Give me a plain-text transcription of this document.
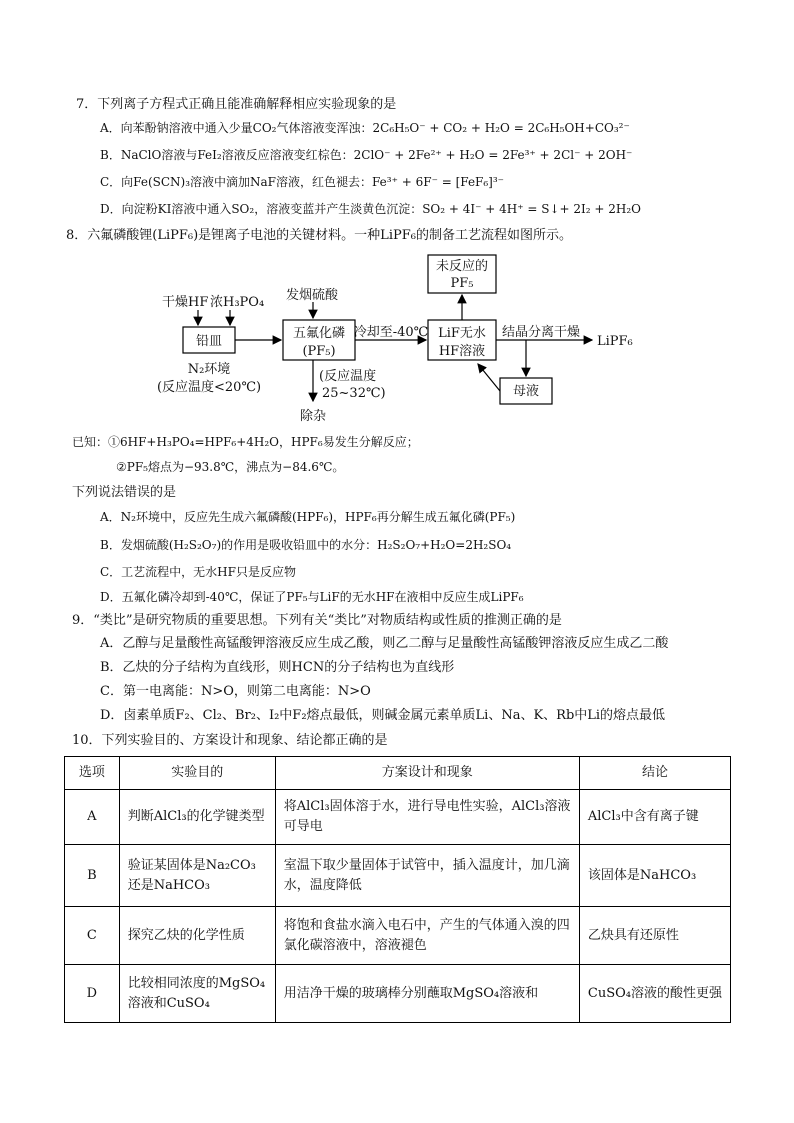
7．下列离子方程式正确且能准确解释相应实验现象的是
A．向苯酚钠溶液中通入少量CO₂气体溶液变浑浊：2C₆H₅O⁻ + CO₂ + H₂O = 2C₆H₅OH+CO₃²⁻
B．NaClO溶液与FeI₂溶液反应溶液变红棕色：2ClO⁻ + 2Fe²⁺ + H₂O = 2Fe³⁺ + 2Cl⁻ + 2OH⁻
C．向Fe(SCN)₃溶液中滴加NaF溶液，红色褪去：Fe³⁺ + 6F⁻ = [FeF₆]³⁻
D．向淀粉KI溶液中通入SO₂，溶液变蓝并产生淡黄色沉淀：SO₂ + 4I⁻ + 4H⁺ = S↓+ 2I₂ + 2H₂O
8．六氟磷酸锂(LiPF₆)是锂离子电池的关键材料。一种LiPF₆的制备工艺流程如图所示。
干燥HF 浓H₃PO₄
铅皿
N₂环境
(反应温度<20℃)
发烟硫酸
五氟化磷
(PF₅)
(反应温度
25~32℃)
除杂
冷却至-40℃ LiF无水
HF溶液
未反应的
PF₅
结晶分离干燥
LiPF₆
母液
已知：①6HF+H₃PO₄=HPF₆+4H₂O，HPF₆易发生分解反应；
②PF₅熔点为−93.8℃，沸点为−84.6℃。
下列说法错误的是
A．N₂环境中，反应先生成六氟磷酸(HPF₆)，HPF₆再分解生成五氟化磷(PF₅)
B．发烟硫酸(H₂S₂O₇)的作用是吸收铅皿中的水分：H₂S₂O₇+H₂O=2H₂SO₄
C．工艺流程中，无水HF只是反应物
D．五氟化磷冷却到-40℃，保证了PF₅与LiF的无水HF在液相中反应生成LiPF₆
9．“类比”是研究物质的重要思想。下列有关“类比”对物质结构或性质的推测正确的是
A．乙醇与足量酸性高锰酸钾溶液反应生成乙酸，则乙二醇与足量酸性高锰酸钾溶液反应生成乙二酸
B．乙炔的分子结构为直线形，则HCN的分子结构也为直线形
C．第一电离能：N>O，则第二电离能：N>O
D．卤素单质F₂、Cl₂、Br₂、I₂中F₂熔点最低，则碱金属元素单质Li、Na、K、Rb中Li的熔点最低
10．下列实验目的、方案设计和现象、结论都正确的是
选项	实验目的	方案设计和现象	结论
A	判断AlCl₃的化学键类型	将AlCl₃固体溶于水，进行导电性实验，AlCl₃溶液可导电	AlCl₃中含有离子键
B	验证某固体是Na₂CO₃还是NaHCO₃	室温下取少量固体于试管中，插入温度计，加几滴水，温度降低	该固体是NaHCO₃
C	探究乙炔的化学性质	将饱和食盐水滴入电石中，产生的气体通入溴的四氯化碳溶液中，溶液褪色	乙炔具有还原性
D	比较相同浓度的MgSO₄溶液和CuSO₄	用洁净干燥的玻璃棒分别蘸取MgSO₄溶液和	CuSO₄溶液的酸性更强
